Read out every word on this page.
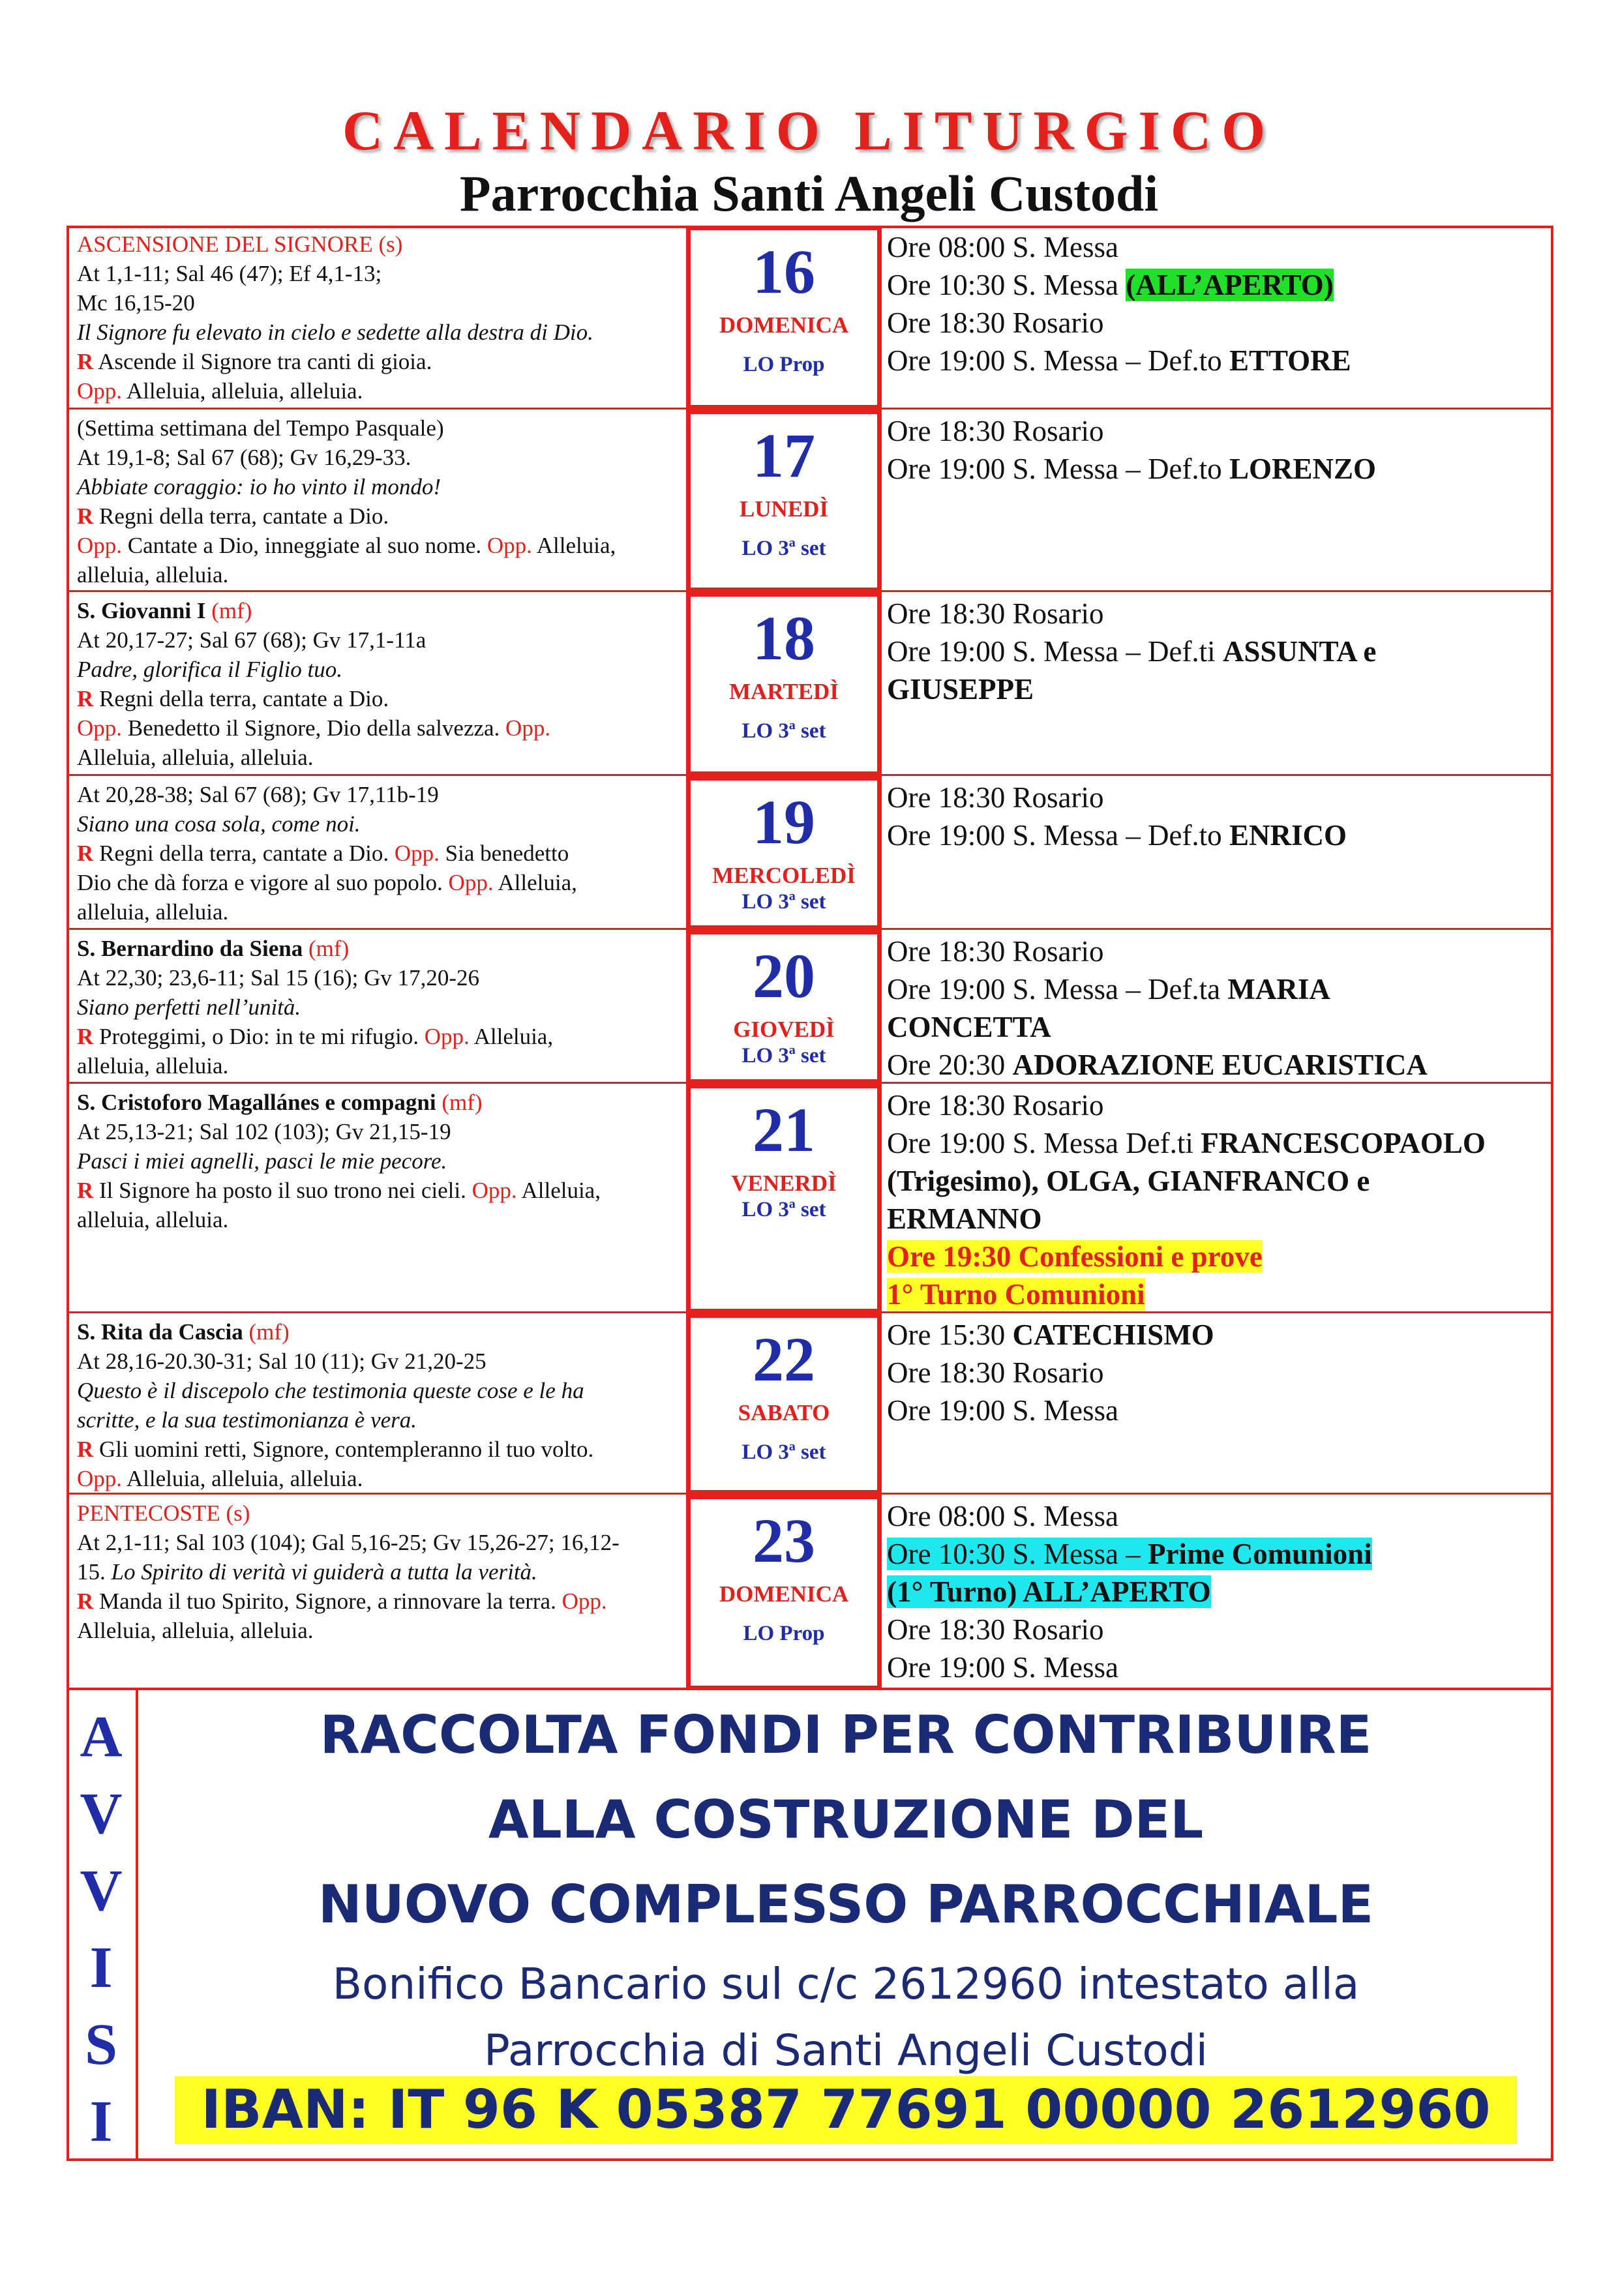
CALENDARIO LITURGICO
Parrocchia Santi Angeli Custodi
ASCENSIONE DEL SIGNORE (s)
At 1,1-11; Sal 46 (47); Ef 4,1-13;
Mc 16,15-20
Il Signore fu elevato in cielo e sedette alla destra di Dio.
R Ascende il Signore tra canti di gioia.
Opp. Alleluia, alleluia, alleluia.
16
DOMENICA
LO Prop
Ore 08:00 S. Messa
Ore 10:30 S. Messa (ALL’APERTO)
Ore 18:30 Rosario
Ore 19:00 S. Messa – Def.to ETTORE
(Settima settimana del Tempo Pasquale)
At 19,1-8; Sal 67 (68); Gv 16,29-33.
Abbiate coraggio: io ho vinto il mondo!
R Regni della terra, cantate a Dio.
Opp. Cantate a Dio, inneggiate al suo nome. Opp. Alleluia,
alleluia, alleluia.
17
LUNEDÌ
LO 3ª set
Ore 18:30 Rosario
Ore 19:00 S. Messa – Def.to LORENZO
S. Giovanni I (mf)
At 20,17-27; Sal 67 (68); Gv 17,1-11a
Padre, glorifica il Figlio tuo.
R Regni della terra, cantate a Dio.
Opp. Benedetto il Signore, Dio della salvezza. Opp.
Alleluia, alleluia, alleluia.
18
MARTEDÌ
LO 3ª set
Ore 18:30 Rosario
Ore 19:00 S. Messa – Def.ti ASSUNTA e
GIUSEPPE
At 20,28-38; Sal 67 (68); Gv 17,11b-19
Siano una cosa sola, come noi.
R Regni della terra, cantate a Dio. Opp. Sia benedetto
Dio che dà forza e vigore al suo popolo. Opp. Alleluia,
alleluia, alleluia.
19
MERCOLEDÌ
LO 3ª set
Ore 18:30 Rosario
Ore 19:00 S. Messa – Def.to ENRICO
S. Bernardino da Siena (mf)
At 22,30; 23,6-11; Sal 15 (16); Gv 17,20-26
Siano perfetti nell’unità.
R Proteggimi, o Dio: in te mi rifugio. Opp. Alleluia,
alleluia, alleluia.
20
GIOVEDÌ
LO 3ª set
Ore 18:30 Rosario
Ore 19:00 S. Messa – Def.ta MARIA
CONCETTA
Ore 20:30 ADORAZIONE EUCARISTICA
S. Cristoforo Magallánes e compagni (mf)
At 25,13-21; Sal 102 (103); Gv 21,15-19
Pasci i miei agnelli, pasci le mie pecore.
R Il Signore ha posto il suo trono nei cieli. Opp. Alleluia,
alleluia, alleluia.
21
VENERDÌ
LO 3ª set
Ore 18:30 Rosario
Ore 19:00 S. Messa Def.ti FRANCESCOPAOLO
(Trigesimo), OLGA, GIANFRANCO e
ERMANNO
Ore 19:30 Confessioni e prove
1° Turno Comunioni
S. Rita da Cascia (mf)
At 28,16-20.30-31; Sal 10 (11); Gv 21,20-25
Questo è il discepolo che testimonia queste cose e le ha
scritte, e la sua testimonianza è vera.
R Gli uomini retti, Signore, contempleranno il tuo volto.
Opp. Alleluia, alleluia, alleluia.
22
SABATO
LO 3ª set
Ore 15:30 CATECHISMO
Ore 18:30 Rosario
Ore 19:00 S. Messa
PENTECOSTE (s)
At 2,1-11; Sal 103 (104); Gal 5,16-25; Gv 15,26-27; 16,12-
15. Lo Spirito di verità vi guiderà a tutta la verità.
R Manda il tuo Spirito, Signore, a rinnovare la terra. Opp.
Alleluia, alleluia, alleluia.
23
DOMENICA
LO Prop
Ore 08:00 S. Messa
Ore 10:30 S. Messa – Prime Comunioni
(1° Turno) ALL’APERTO
Ore 18:30 Rosario
Ore 19:00 S. Messa
A
V
V
I
S
I
RACCOLTA FONDI PER CONTRIBUIRE
ALLA COSTRUZIONE DEL
NUOVO COMPLESSO PARROCCHIALE
Bonifico Bancario sul c/c 2612960 intestato alla
Parrocchia di Santi Angeli Custodi
IBAN: IT 96 K 05387 77691 00000 2612960
